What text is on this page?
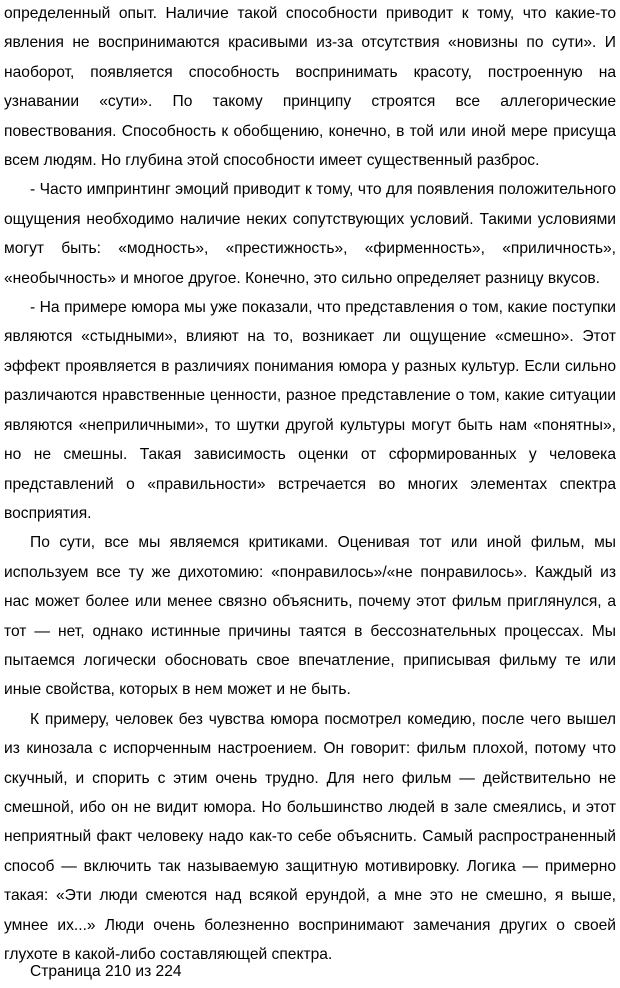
определенный опыт. Наличие такой способности приводит к тому, что какие-то явления не воспринимаются красивыми из-за отсутствия «новизны по сути». И наоборот, появляется способность воспринимать красоту, построенную на узнавании «сути». По такому принципу строятся все аллегорические повествования. Способность к обобщению, конечно, в той или иной мере присуща всем людям. Но глубина этой способности имеет существенный разброс.

- Часто импринтинг эмоций приводит к тому, что для появления положительного ощущения необходимо наличие неких сопутствующих условий. Такими условиями могут быть: «модность», «престижность», «фирменность», «приличность», «необычность» и многое другое. Конечно, это сильно определяет разницу вкусов.

- На примере юмора мы уже показали, что представления о том, какие поступки являются «стыдными», влияют на то, возникает ли ощущение «смешно». Этот эффект проявляется в различиях понимания юмора у разных культур. Если сильно различаются нравственные ценности, разное представление о том, какие ситуации являются «неприличными», то шутки другой культуры могут быть нам «понятны», но не смешны. Такая зависимость оценки от сформированных у человека представлений о «правильности» встречается во многих элементах спектра восприятия.

По сути, все мы являемся критиками. Оценивая тот или иной фильм, мы используем все ту же дихотомию: «понравилось»/«не понравилось». Каждый из нас может более или менее связно объяснить, почему этот фильм приглянулся, а тот — нет, однако истинные причины таятся в бессознательных процессах. Мы пытаемся логически обосновать свое впечатление, приписывая фильму те или иные свойства, которых в нем может и не быть.

К примеру, человек без чувства юмора посмотрел комедию, после чего вышел из кинозала с испорченным настроением. Он говорит: фильм плохой, потому что скучный, и спорить с этим очень трудно. Для него фильм — действительно не смешной, ибо он не видит юмора. Но большинство людей в зале смеялись, и этот неприятный факт человеку надо как-то себе объяснить. Самый распространенный способ — включить так называемую защитную мотивировку. Логика — примерно такая: «Эти люди смеются над всякой ерундой, а мне это не смешно, я выше, умнее их...» Люди очень болезненно воспринимают замечания других о своей глухоте в какой-либо составляющей спектра.

Страница 210 из 224
